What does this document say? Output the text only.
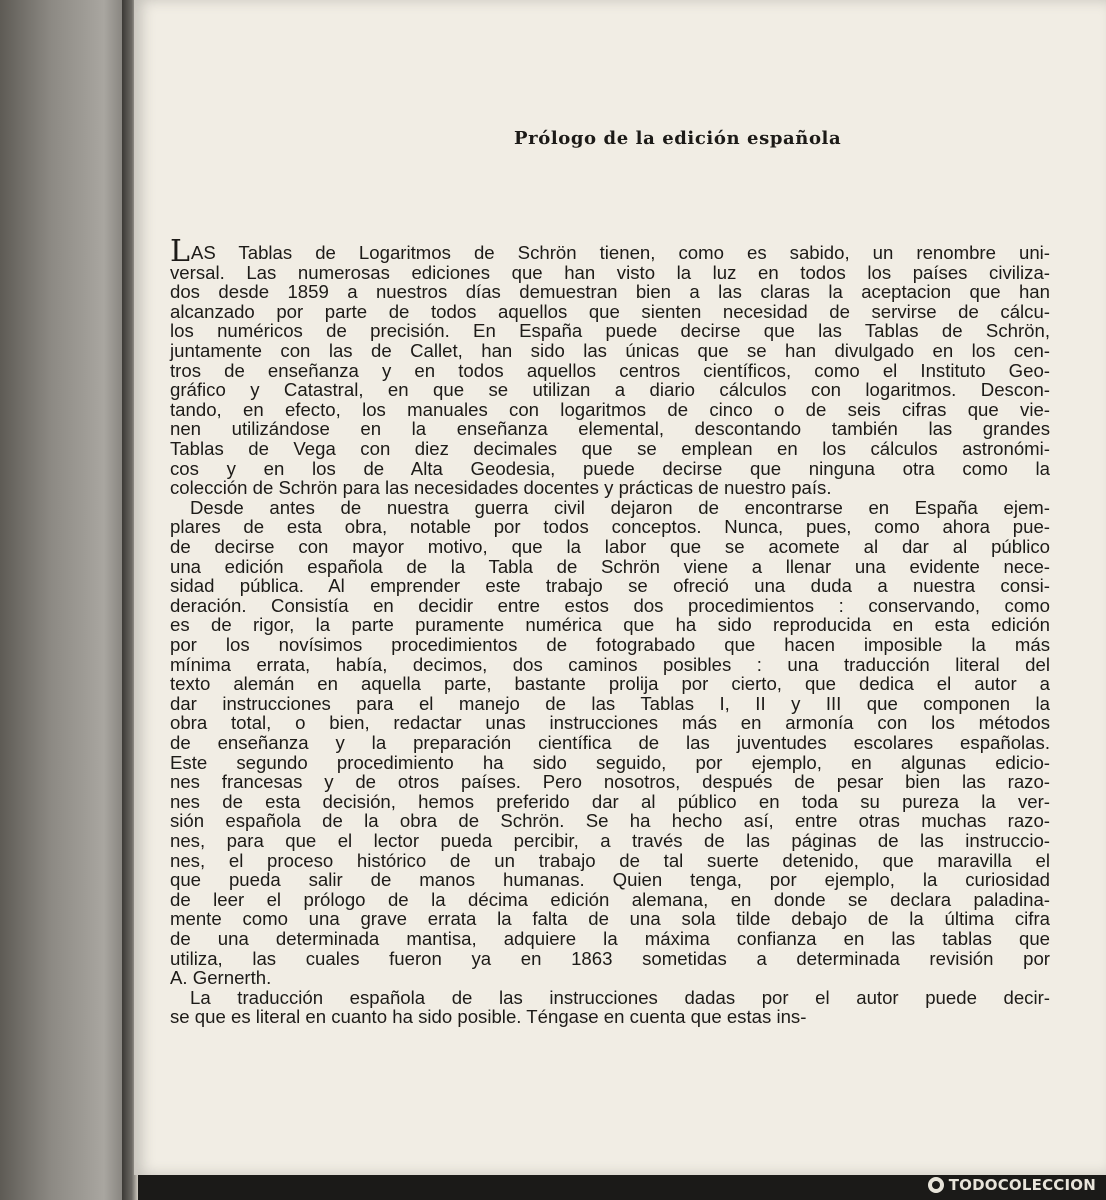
Prólogo de la edición española
LAS Tablas de Logaritmos de Schrön tienen, como es sabido, un renombre uni-
versal. Las numerosas ediciones que han visto la luz en todos los países civiliza-
dos desde 1859 a nuestros días demuestran bien a las claras la aceptacion que han
alcanzado por parte de todos aquellos que sienten necesidad de servirse de cálcu-
los numéricos de precisión. En España puede decirse que las Tablas de Schrön,
juntamente con las de Callet, han sido las únicas que se han divulgado en los cen-
tros de enseñanza y en todos aquellos centros científicos, como el Instituto Geo-
gráfico y Catastral, en que se utilizan a diario cálculos con logaritmos. Descon-
tando, en efecto, los manuales con logaritmos de cinco o de seis cifras que vie-
nen utilizándose en la enseñanza elemental, descontando también las grandes
Tablas de Vega con diez decimales que se emplean en los cálculos astronómi-
cos y en los de Alta Geodesia, puede decirse que ninguna otra como la
colección de Schrön para las necesidades docentes y prácticas de nuestro país.
Desde antes de nuestra guerra civil dejaron de encontrarse en España ejem-
plares de esta obra, notable por todos conceptos. Nunca, pues, como ahora pue-
de decirse con mayor motivo, que la labor que se acomete al dar al público
una edición española de la Tabla de Schrön viene a llenar una evidente nece-
sidad pública. Al emprender este trabajo se ofreció una duda a nuestra consi-
deración. Consistía en decidir entre estos dos procedimientos : conservando, como
es de rigor, la parte puramente numérica que ha sido reproducida en esta edición
por los novísimos procedimientos de fotograbado que hacen imposible la más
mínima errata, había, decimos, dos caminos posibles : una traducción literal del
texto alemán en aquella parte, bastante prolija por cierto, que dedica el autor a
dar instrucciones para el manejo de las Tablas I, II y III que componen la
obra total, o bien, redactar unas instrucciones más en armonía con los métodos
de enseñanza y la preparación científica de las juventudes escolares españolas.
Este segundo procedimiento ha sido seguido, por ejemplo, en algunas edicio-
nes francesas y de otros países. Pero nosotros, después de pesar bien las razo-
nes de esta decisión, hemos preferido dar al público en toda su pureza la ver-
sión española de la obra de Schrön. Se ha hecho así, entre otras muchas razo-
nes, para que el lector pueda percibir, a través de las páginas de las instruccio-
nes, el proceso histórico de un trabajo de tal suerte detenido, que maravilla el
que pueda salir de manos humanas. Quien tenga, por ejemplo, la curiosidad
de leer el prólogo de la décima edición alemana, en donde se declara paladina-
mente como una grave errata la falta de una sola tilde debajo de la última cifra
de una determinada mantisa, adquiere la máxima confianza en las tablas que
utiliza, las cuales fueron ya en 1863 sometidas a determinada revisión por
A. Gernerth.
La traducción española de las instrucciones dadas por el autor puede decir-
se que es literal en cuanto ha sido posible. Téngase en cuenta que estas ins-
TODOCOLECCION
